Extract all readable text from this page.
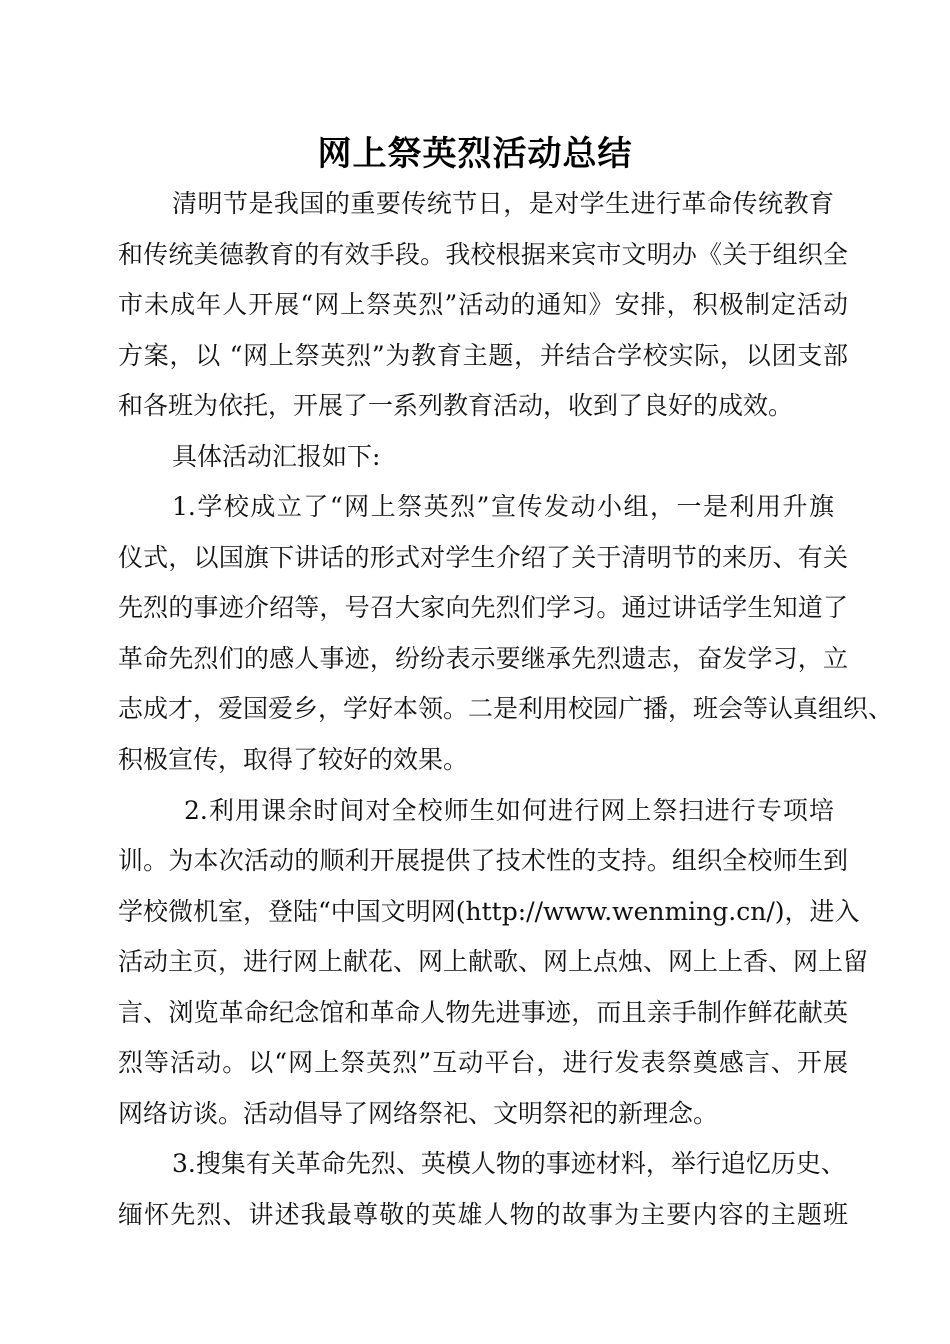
网上祭英烈活动总结
清明节是我国的重要传统节日，是对学生进行革命传统教育
和传统美德教育的有效手段。我校根据来宾市文明办《关于组织全
市未成年人开展“网上祭英烈”活动的通知》安排，积极制定活动
方案，以 “网上祭英烈”为教育主题，并结合学校实际，以团支部
和各班为依托，开展了一系列教育活动，收到了良好的成效。
具体活动汇报如下:
1.学校成立了“网上祭英烈”宣传发动小组，一是利用升旗
仪式，以国旗下讲话的形式对学生介绍了关于清明节的来历、有关
先烈的事迹介绍等，号召大家向先烈们学习。通过讲话学生知道了
革命先烈们的感人事迹，纷纷表示要继承先烈遗志，奋发学习，立
志成才，爱国爱乡，学好本领。二是利用校园广播，班会等认真组织、
积极宣传，取得了较好的效果。
2.利用课余时间对全校师生如何进行网上祭扫进行专项培
训。为本次活动的顺利开展提供了技术性的支持。组织全校师生到
学校微机室，登陆“中国文明网(http://www.wenming.cn/)，进入
活动主页，进行网上献花、网上献歌、网上点烛、网上上香、网上留
言、浏览革命纪念馆和革命人物先进事迹，而且亲手制作鲜花献英
烈等活动。以“网上祭英烈”互动平台，进行发表祭奠感言、开展
网络访谈。活动倡导了网络祭祀、文明祭祀的新理念。
3.搜集有关革命先烈、英模人物的事迹材料，举行追忆历史、
缅怀先烈、讲述我最尊敬的英雄人物的故事为主要内容的主题班
